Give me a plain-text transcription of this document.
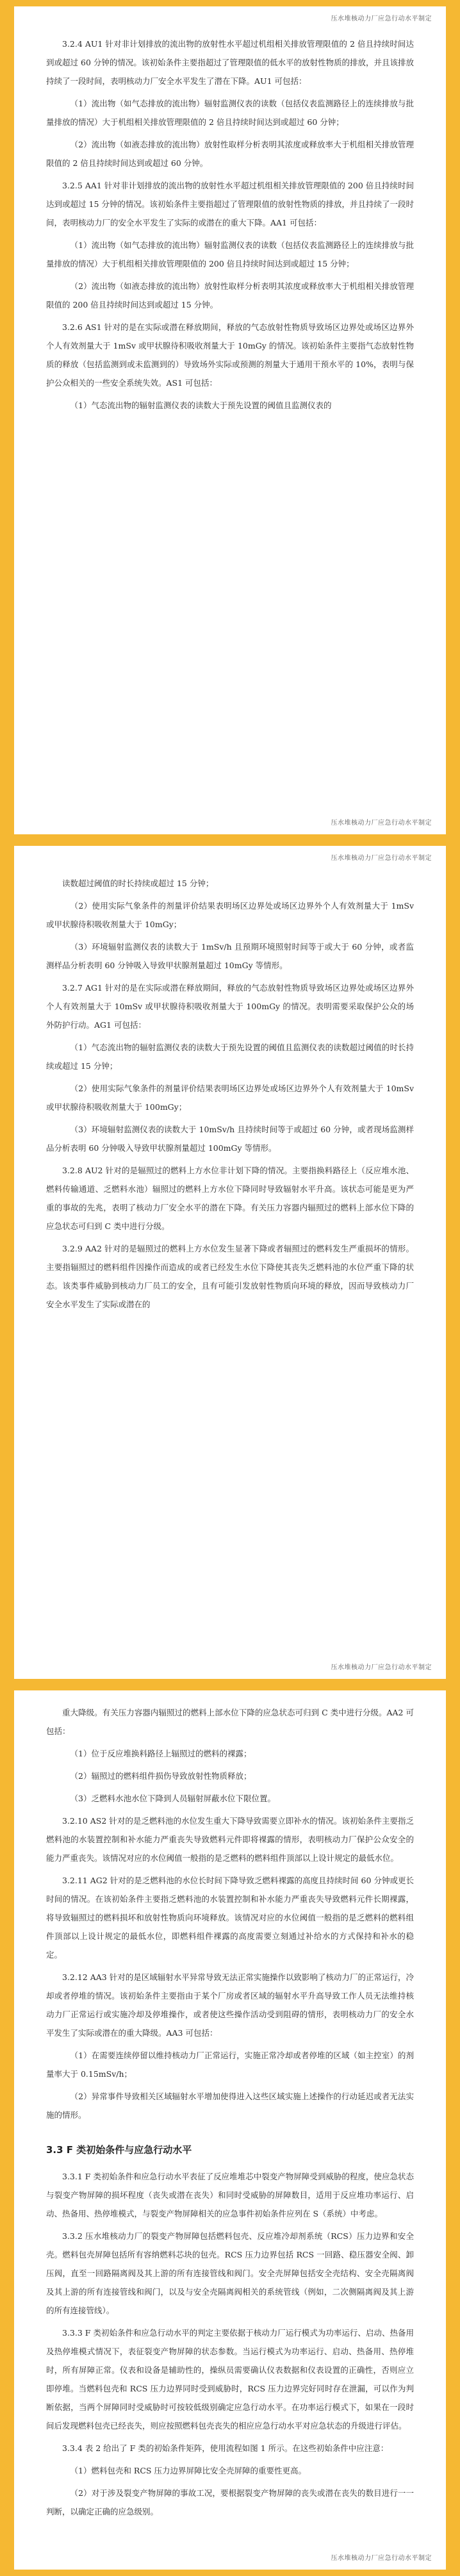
压水堆核动力厂应急行动水平制定

3.2.4 AU1 针对非计划排放的流出物的放射性水平超过机组相关排放管理限值的 2 倍且持续时间达到或超过 60 分钟的情况。该初始条件主要指超过了管理限值的低水平的放射性物质的排放，并且该排放持续了一段时间，表明核动力厂安全水平发生了潜在下降。AU1 可包括：

（1）流出物（如气态排放的流出物）辐射监测仪表的读数（包括仪表监测路径上的连续排放与批量排放的情况）大于机组相关排放管理限值的 2 倍且持续时间达到或超过 60 分钟；

（2）流出物（如液态排放的流出物）放射性取样分析表明其浓度或释放率大于机组相关排放管理限值的 2 倍且持续时间达到或超过 60 分钟。

3.2.5 AA1 针对非计划排放的流出物的放射性水平超过机组相关排放管理限值的 200 倍且持续时间达到或超过 15 分钟的情况。该初始条件主要指超过了管理限值的放射性物质的排放，并且持续了一段时间，表明核动力厂的安全水平发生了实际的或潜在的重大下降。AA1 可包括：

（1）流出物（如气态排放的流出物）辐射监测仪表的读数（包括仪表监测路径上的连续排放与批量排放的情况）大于机组相关排放管理限值的 200 倍且持续时间达到或超过 15 分钟；

（2）流出物（如液态排放的流出物）放射性取样分析表明其浓度或释放率大于机组相关排放管理限值的 200 倍且持续时间达到或超过 15 分钟。

3.2.6 AS1 针对的是在实际或潜在释放期间，释放的气态放射性物质导致场区边界处或场区边界外个人有效剂量大于 1mSv 或甲状腺待积吸收剂量大于 10mGy 的情况。该初始条件主要指气态放射性物质的释放（包括监测到或未监测到的）导致场外实际或预测的剂量大于通用干预水平的 10%，表明与保护公众相关的一些安全系统失效。AS1 可包括：

（1）气态流出物的辐射监测仪表的读数大于预先设置的阈值且监测仪表的

压水堆核动力厂应急行动水平制定
压水堆核动力厂应急行动水平制定

读数超过阈值的时长持续或超过 15 分钟；

（2）使用实际气象条件的剂量评价结果表明场区边界处或场区边界外个人有效剂量大于 1mSv 或甲状腺待积吸收剂量大于 10mGy；

（3）环境辐射监测仪表的读数大于 1mSv/h 且预期环境照射时间等于或大于 60 分钟，或者监测样品分析表明 60 分钟吸入导致甲状腺剂量超过 10mGy 等情形。

3.2.7 AG1 针对的是在实际或潜在释放期间，释放的气态放射性物质导致场区边界处或场区边界外个人有效剂量大于 10mSv 或甲状腺待积吸收剂量大于 100mGy 的情况。表明需要采取保护公众的场外防护行动。AG1 可包括：

（1）气态流出物的辐射监测仪表的读数大于预先设置的阈值且监测仪表的读数超过阈值的时长持续或超过 15 分钟；

（2）使用实际气象条件的剂量评价结果表明场区边界处或场区边界外个人有效剂量大于 10mSv 或甲状腺待积吸收剂量大于 100mGy；

（3）环境辐射监测仪表的读数大于 10mSv/h 且持续时间等于或超过 60 分钟，或者现场监测样品分析表明 60 分钟吸入导致甲状腺剂量超过 100mGy 等情形。

3.2.8 AU2 针对的是辐照过的燃料上方水位非计划下降的情况。主要指换料路径上（反应堆水池、燃料传输通道、乏燃料水池）辐照过的燃料上方水位下降同时导致辐射水平升高。该状态可能是更为严重的事故的先兆，表明了核动力厂安全水平的潜在下降。有关压力容器内辐照过的燃料上部水位下降的应急状态可归到 C 类中进行分级。

3.2.9 AA2 针对的是辐照过的燃料上方水位发生显著下降或者辐照过的燃料发生严重损坏的情形。主要指辐照过的燃料组件因操作而造成的或者已经发生水位下降使其丧失乏燃料池的水位严重下降的状态。该类事件威胁到核动力厂员工的安全，且有可能引发放射性物质向环境的释放，因而导致核动力厂安全水平发生了实际或潜在的

压水堆核动力厂应急行动水平制定

重大降级。有关压力容器内辐照过的燃料上部水位下降的应急状态可归到 C 类中进行分级。AA2 可包括：

（1）位于反应堆换料路径上辐照过的燃料的裸露；

（2）辐照过的燃料组件损伤导致放射性物质释放；

（3）乏燃料水池水位下降到人员辐射屏蔽水位下限位置。

3.2.10 AS2 针对的是乏燃料池的水位发生重大下降导致需要立即补水的情况。该初始条件主要指乏燃料池的水装置控制和补水能力严重丧失导致燃料元件即将裸露的情形，表明核动力厂保护公众安全的能力严重丧失。该情况对应的水位阈值一般指的是乏燃料的燃料组件顶部以上设计规定的最低水位。

3.2.11 AG2 针对的是乏燃料池的水位长时间下降导致乏燃料裸露的高度且持续时间 60 分钟或更长时间的情况。在该初始条件主要指乏燃料池的水装置控制和补水能力严重丧失导致燃料元件长期裸露，将导致辐照过的燃料损坏和放射性物质向环境释放。该情况对应的水位阈值一般指的是乏燃料的燃料组件顶部以上设计规定的最低水位，即燃料组件裸露的高度需要立刻通过补给水的方式保持和补水的稳定。

3.2.12 AA3 针对的是区域辐射水平异常导致无法正常实施操作以致影响了核动力厂的正常运行，冷却或者停堆的情况。该初始条件主要指由于某个厂房或者区域的辐射水平升高导致工作人员无法维持核动力厂正常运行或实施冷却及停堆操作，或者使这些操作活动受到阻碍的情形，表明核动力厂的安全水平发生了实际或潜在的重大降级。AA3 可包括：

（1）在需要连续停留以维持核动力厂正常运行，实施正常冷却或者停堆的区域（如主控室）的剂量率大于 0.15mSv/h；

（2）异常事件导致相关区域辐射水平增加使得进入这些区域实施上述操作的行动延迟或者无法实施的情形。

3.3 F 类初始条件与应急行动水平

3.3.1 F 类初始条件和应急行动水平表征了反应堆堆芯中裂变产物屏障受到威胁的程度，使应急状态与裂变产物屏障的损坏程度（丧失或潜在丧失）和同时受威胁的屏障数目，适用于反应堆功率运行、启动、热备用、热停堆模式，与裂变产物屏障相关的应急事件初始条件应列在 S（系统）中考虑。

3.3.2 压水堆核动力厂的裂变产物屏障包括燃料包壳、反应堆冷却剂系统（RCS）压力边界和安全壳。燃料包壳屏障包括所有容纳燃料芯块的包壳。RCS 压力边界包括 RCS 一回路、稳压器安全阀、卸压阀，直至一回路隔离阀及其上游的所有连接管线和阀门。安全壳屏障包括安全壳结构、安全壳隔离阀及其上游的所有连接管线和阀门，以及与安全壳隔离阀相关的系统管线（例如，二次侧隔离阀及其上游的所有连接管线）。

3.3.3 F 类初始条件和应急行动水平的判定主要依据于核动力厂运行模式为功率运行、启动、热备用及热停堆模式情况下，表征裂变产物屏障的状态参数。当运行模式为功率运行、启动、热备用、热停堆时，所有屏障正常。仪表和设备是辅助性的，操纵员需要确认仪表数据和仪表设置的正确性，否则应立即停堆。当燃料包壳和 RCS 压力边界同时受到威胁时，RCS 压力边界完好同时存在泄漏，可以作为判断依据，当两个屏障同时受威胁时可按较低级别确定应急行动水平。在功率运行模式下，如果在一段时间后发现燃料包壳已经丧失，则应按照燃料包壳丧失的相应应急行动水平对应急状态的升级进行评估。

3.3.4 表 2 给出了 F 类的初始条件矩阵，使用流程如图 1 所示。在这些初始条件中应注意：

（1）燃料包壳和 RCS 压力边界屏障比安全壳屏障的重要性更高。

（2）对于涉及裂变产物屏障的事故工况，要根据裂变产物屏障的丧失或潜在丧失的数目进行一一判断，以确定正确的应急级别。

压水堆核动力厂应急行动水平制定
